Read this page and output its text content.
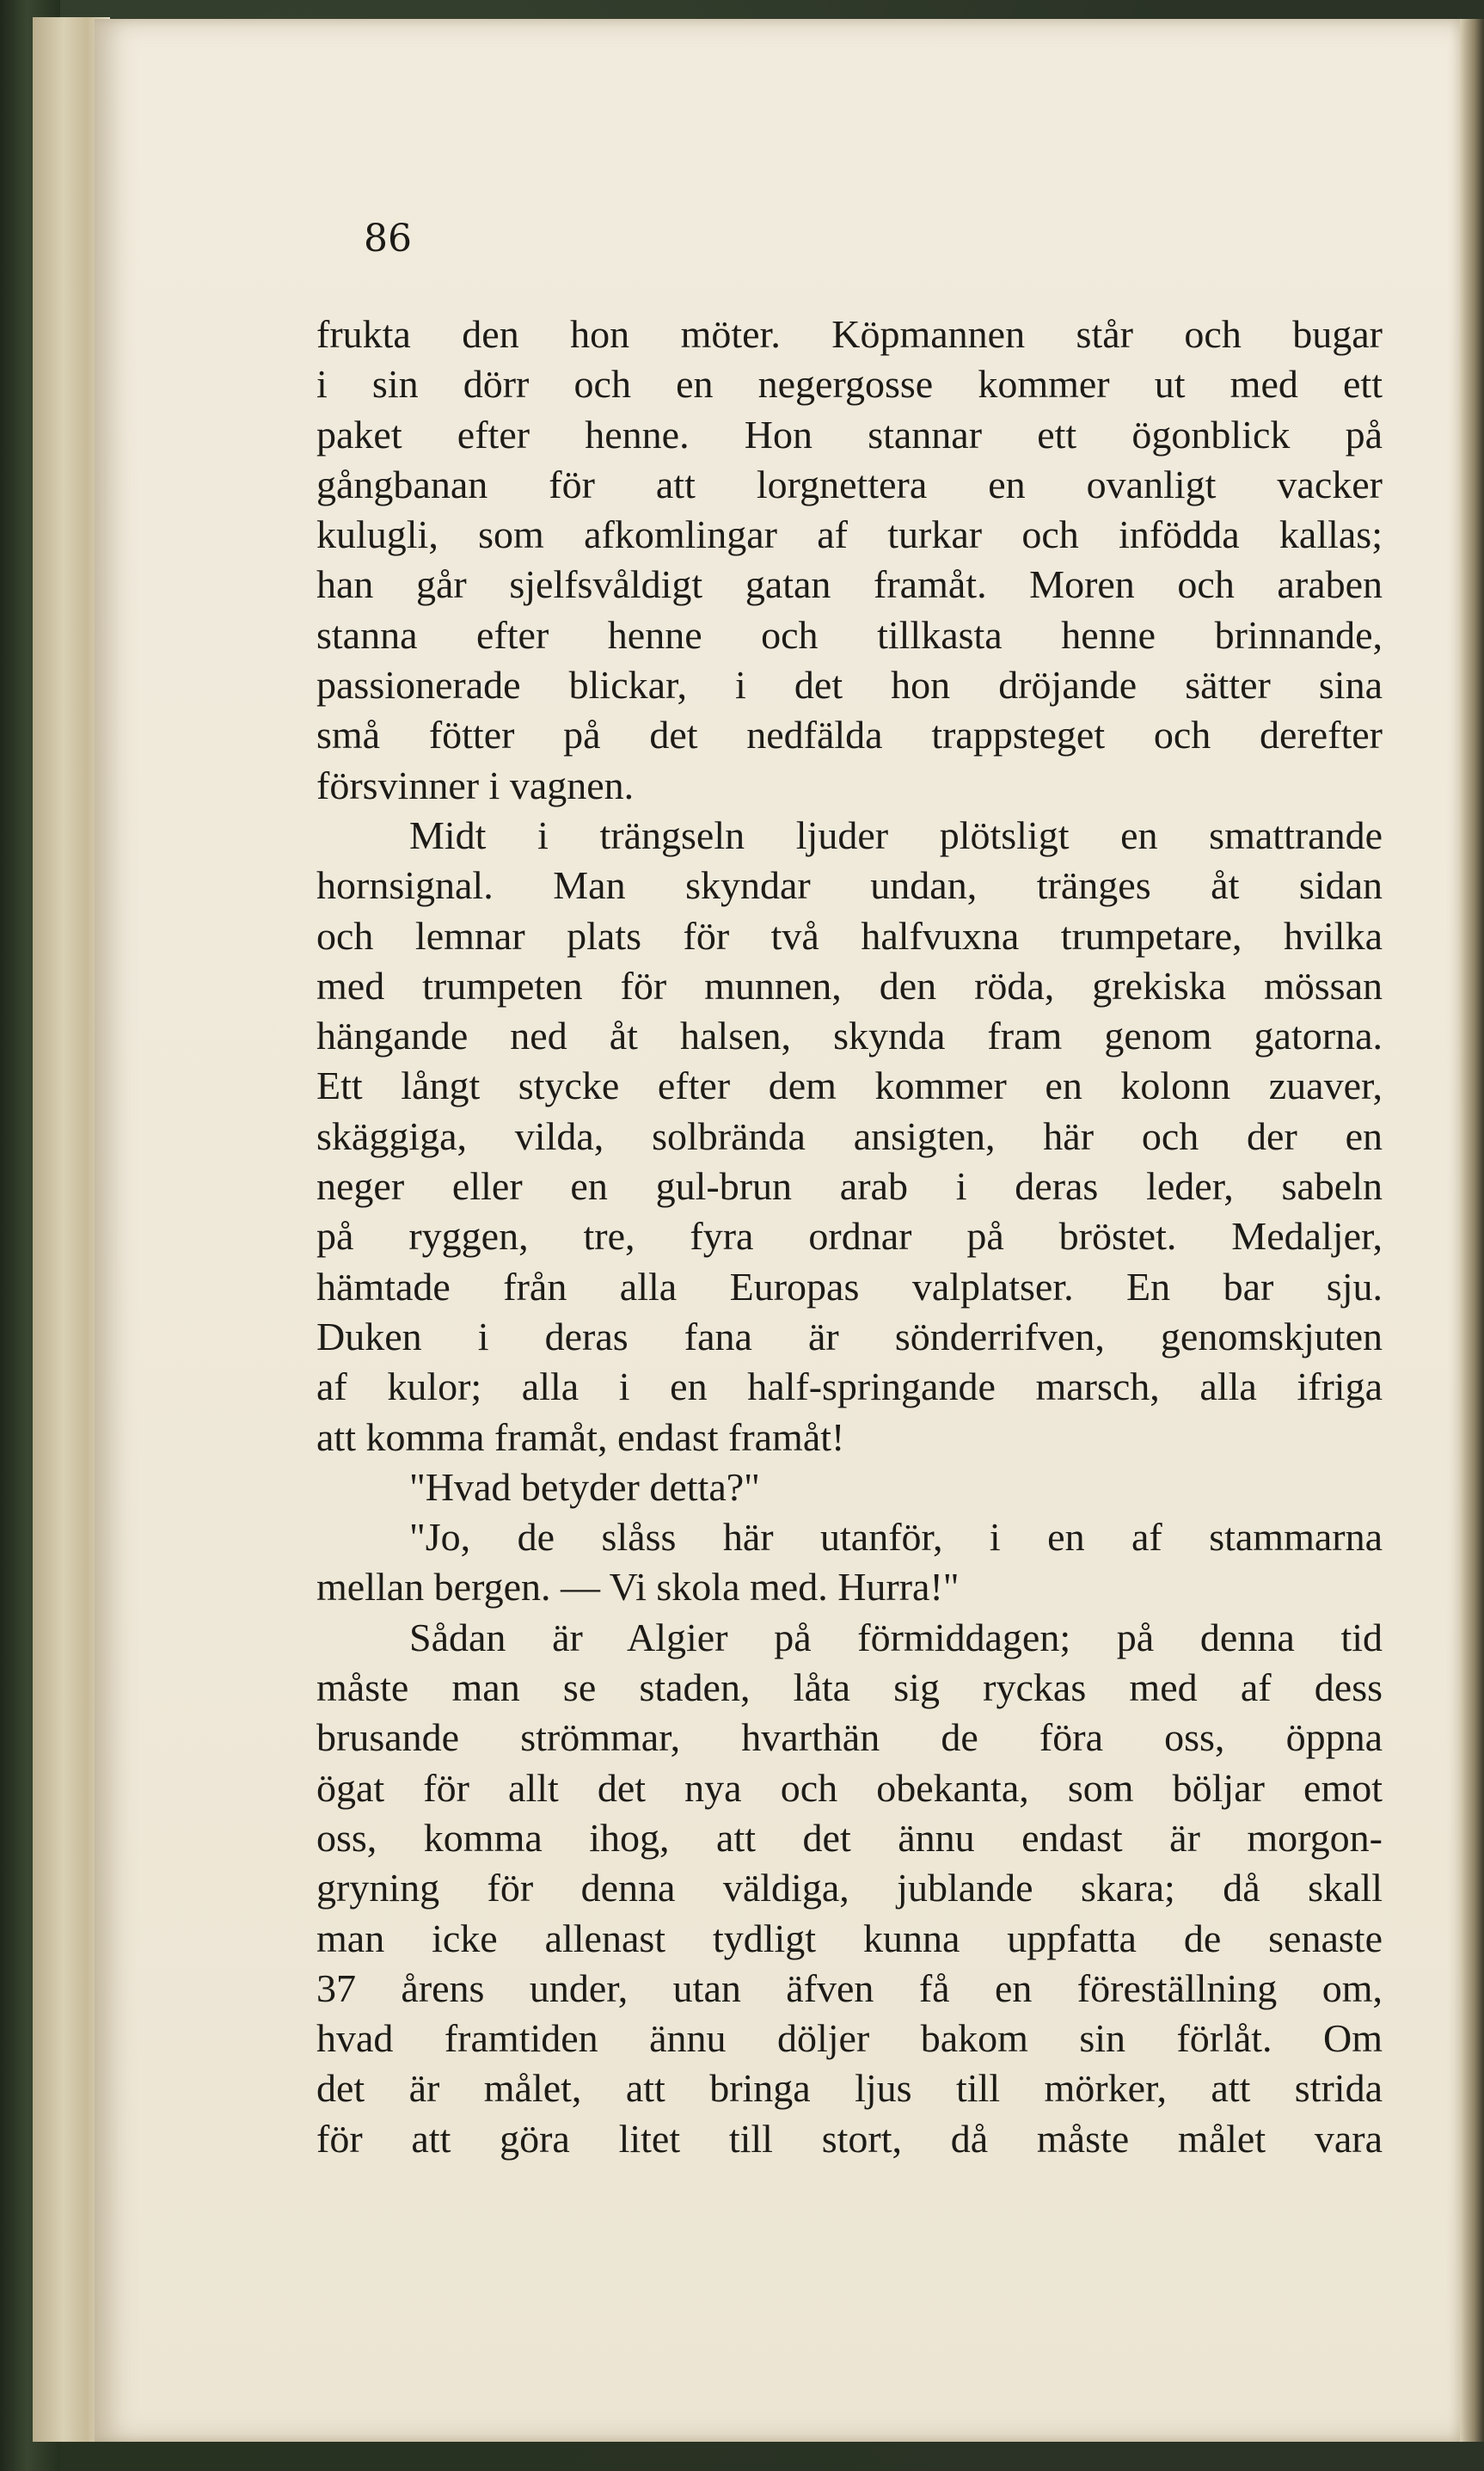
86

frukta den hon möter. Köpmannen står och bugar
i sin dörr och en negergosse kommer ut med ett
paket efter henne. Hon stannar ett ögonblick på
gångbanan för att lorgnettera en ovanligt vacker
kulugli, som afkomlingar af turkar och infödda kallas;
han går sjelfsvåldigt gatan framåt. Moren och araben
stanna efter henne och tillkasta henne brinnande,
passionerade blickar, i det hon dröjande sätter sina
små fötter på det nedfälda trappsteget och derefter
försvinner i vagnen.
Midt i trängseln ljuder plötsligt en smattrande
hornsignal. Man skyndar undan, tränges åt sidan
och lemnar plats för två halfvuxna trumpetare, hvilka
med trumpeten för munnen, den röda, grekiska mössan
hängande ned åt halsen, skynda fram genom gatorna.
Ett långt stycke efter dem kommer en kolonn zuaver,
skäggiga, vilda, solbrända ansigten, här och der en
neger eller en gul-brun arab i deras leder, sabeln
på ryggen, tre, fyra ordnar på bröstet. Medaljer,
hämtade från alla Europas valplatser. En bar sju.
Duken i deras fana är sönderrifven, genomskjuten
af kulor; alla i en half-springande marsch, alla ifriga
att komma framåt, endast framåt!
"Hvad betyder detta?"
"Jo, de slåss här utanför, i en af stammarna
mellan bergen. — Vi skola med. Hurra!"
Sådan är Algier på förmiddagen; på denna tid
måste man se staden, låta sig ryckas med af dess
brusande strömmar, hvarthän de föra oss, öppna
ögat för allt det nya och obekanta, som böljar emot
oss, komma ihog, att det ännu endast är morgon-
gryning för denna väldiga, jublande skara; då skall
man icke allenast tydligt kunna uppfatta de senaste
37 årens under, utan äfven få en föreställning om,
hvad framtiden ännu döljer bakom sin förlåt. Om
det är målet, att bringa ljus till mörker, att strida
för att göra litet till stort, då måste målet vara
